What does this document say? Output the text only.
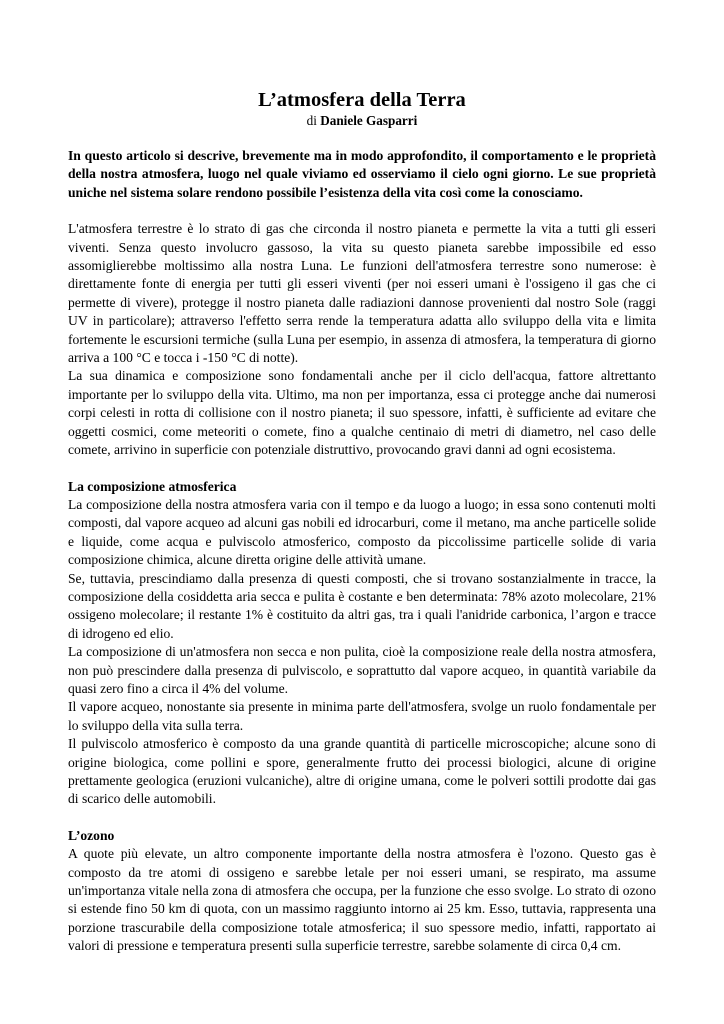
L’atmosfera della Terra

di Daniele Gasparri

In questo articolo si descrive, brevemente ma in modo approfondito, il comportamento e le proprietà della nostra atmosfera, luogo nel quale viviamo ed osserviamo il cielo ogni giorno. Le sue proprietà uniche nel sistema solare rendono possibile l’esistenza della vita così come la conosciamo.

L'atmosfera terrestre è lo strato di gas che circonda il nostro pianeta e permette la vita a tutti gli esseri viventi. Senza questo involucro gassoso, la vita su questo pianeta sarebbe impossibile ed esso assomiglierebbe moltissimo alla nostra Luna. Le funzioni dell'atmosfera terrestre sono numerose: è direttamente fonte di energia per tutti gli esseri viventi (per noi esseri umani è l'ossigeno il gas che ci permette di vivere), protegge il nostro pianeta dalle radiazioni dannose provenienti dal nostro Sole (raggi UV in particolare); attraverso l'effetto serra rende la temperatura adatta allo sviluppo della vita e limita fortemente le escursioni termiche (sulla Luna per esempio, in assenza di atmosfera, la temperatura di giorno arriva a 100 °C e tocca i -150 °C di notte).

La sua dinamica e composizione sono fondamentali anche per il ciclo dell'acqua, fattore altrettanto importante per lo sviluppo della vita. Ultimo, ma non per importanza, essa ci protegge anche dai numerosi corpi celesti in rotta di collisione con il nostro pianeta; il suo spessore, infatti, è sufficiente ad evitare che oggetti cosmici, come meteoriti o comete, fino a qualche centinaio di metri di diametro, nel caso delle comete, arrivino in superficie con potenziale distruttivo, provocando gravi danni ad ogni ecosistema.

La composizione atmosferica

La composizione della nostra atmosfera varia con il tempo e da luogo a luogo; in essa sono contenuti molti composti, dal vapore acqueo ad alcuni gas nobili ed idrocarburi, come il metano, ma anche particelle solide e liquide, come acqua e pulviscolo atmosferico, composto da piccolissime particelle solide di varia composizione chimica, alcune diretta origine delle attività umane.

Se, tuttavia, prescindiamo dalla presenza di questi composti, che si trovano sostanzialmente in tracce, la composizione della cosiddetta aria secca e pulita è costante e ben determinata: 78% azoto molecolare, 21% ossigeno molecolare; il restante 1% è costituito da altri gas, tra i quali l'anidride carbonica, l’argon e tracce di idrogeno ed elio.

La composizione di un'atmosfera non secca e non pulita, cioè la composizione reale della nostra atmosfera, non può prescindere dalla presenza di pulviscolo, e soprattutto dal vapore acqueo, in quantità variabile da quasi zero fino a circa il 4% del volume.

Il vapore acqueo, nonostante sia presente in minima parte dell'atmosfera, svolge un ruolo fondamentale per lo sviluppo della vita sulla terra.

Il pulviscolo atmosferico è composto da una grande quantità di particelle microscopiche; alcune sono di origine biologica, come pollini e spore, generalmente frutto dei processi biologici, alcune di origine prettamente geologica (eruzioni vulcaniche), altre di origine umana, come le polveri sottili prodotte dai gas di scarico delle automobili.

L’ozono

A quote più elevate, un altro componente importante della nostra atmosfera è l'ozono. Questo gas è composto da tre atomi di ossigeno e sarebbe letale per noi esseri umani, se respirato, ma assume un'importanza vitale nella zona di atmosfera che occupa, per la funzione che esso svolge. Lo strato di ozono si estende fino 50 km di quota, con un massimo raggiunto intorno ai 25 km. Esso, tuttavia, rappresenta una porzione trascurabile della composizione totale atmosferica; il suo spessore medio, infatti, rapportato ai valori di pressione e temperatura presenti sulla superficie terrestre, sarebbe solamente di circa 0,4 cm.
